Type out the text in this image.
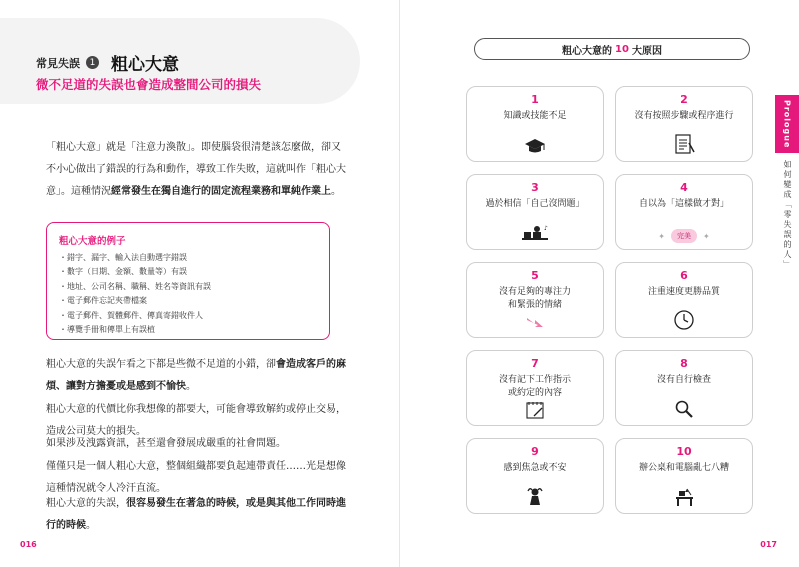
常見失誤	1 粗心大意
微不足道的失誤也會造成整間公司的損失
「粗心大意」就是「注意力渙散」。即使腦袋很清楚該怎麼做，卻又不小心做出了錯誤的行為和動作，導致工作失敗，這就叫作「粗心大意」。這種情況經常發生在獨自進行的固定流程業務和單純作業上。
粗心大意的例子
・錯字、漏字、輸入法自動選字錯誤
・數字（日期、金額、數量等）有誤
・地址、公司名稱、職稱、姓名等資訊有誤
・電子郵件忘記夾帶檔案
・電子郵件、賀體郵件、傳真寄錯收件人
・導覽手冊和傳單上有誤植
粗心大意的失誤乍看之下都是些微不足道的小錯，卻會造成客戶的麻煩、讓對方擔憂或是感到不愉快。
粗心大意的代價比你我想像的都要大，可能會導致解約或停止交易，造成公司莫大的損失。
如果涉及洩露資訊，甚至還會發展成嚴重的社會問題。
僅僅只是一個人粗心大意，整個組織都要負起連帶責任……光是想像這種情況就令人冷汗直流。
粗心大意的失誤，很容易發生在著急的時候，或是與其他工作同時進行的時候。
016
粗心大意的 10 大原因
1
知識或技能不足
2
沒有按照步驟或程序進行
3
過於相信「自己沒問題」
♪
4
自以為「這樣做才對」
✦	完美	✦
5
沒有足夠的專注力
和緊張的情緒
6
注重速度更勝品質
7
沒有記下工作指示
或約定的內容
8
沒有自行檢查
9
感到焦急或不安
10
辦公桌和電腦亂七八糟
Prologue
如何變成「零失誤的人」
017
